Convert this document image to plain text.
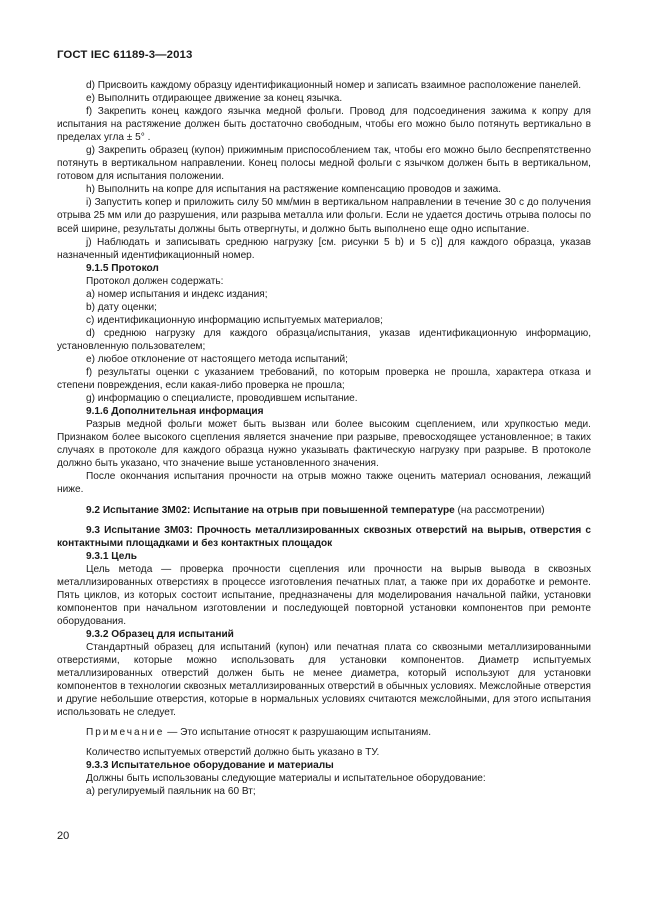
ГОСТ IEC 61189-3—2013

d) Присвоить каждому образцу идентификационный номер и записать взаимное расположение панелей.

e) Выполнить отдирающее движение за конец язычка.

f) Закрепить конец каждого язычка медной фольги. Провод для подсоединения зажима к копру для испытания на растяжение должен быть достаточно свободным, чтобы его можно было потянуть вертикально в пределах угла ± 5° .

g) Закрепить образец (купон) прижимным приспособлением так, чтобы его можно было беспрепятственно потянуть в вертикальном направлении. Конец полосы медной фольги с язычком должен быть в вертикальном, готовом для испытания положении.

h) Выполнить на копре для испытания на растяжение компенсацию проводов и зажима.

i) Запустить копер и приложить силу 50 мм/мин в вертикальном направлении в течение 30 с до получения отрыва 25 мм или до разрушения, или разрыва металла или фольги. Если не удается достичь отрыва полосы по всей ширине, результаты должны быть отвергнуты, и должно быть выполнено еще одно испытание.

j) Наблюдать и записывать среднюю нагрузку [см. рисунки 5 b) и 5 c)] для каждого образца, указав назначенный идентификационный номер.

9.1.5 Протокол

Протокол должен содержать:

a) номер испытания и индекс издания;

b) дату оценки;

c) идентификационную информацию испытуемых материалов;

d) среднюю нагрузку для каждого образца/испытания, указав идентификационную информацию, установленную пользователем;

e) любое отклонение от настоящего метода испытаний;

f) результаты оценки с указанием требований, по которым проверка не прошла, характера отказа и степени повреждения, если какая-либо проверка не прошла;

g) информацию о специалисте, проводившем испытание.

9.1.6 Дополнительная информация

Разрыв медной фольги может быть вызван или более высоким сцеплением, или хрупкостью меди. Признаком более высокого сцепления является значение при разрыве, превосходящее установленное; в таких случаях в протоколе для каждого образца нужно указывать фактическую нагрузку при разрыве. В протоколе должно быть указано, что значение выше установленного значения.

После окончания испытания прочности на отрыв можно также оценить материал основания, лежащий ниже.

9.2 Испытание 3М02: Испытание на отрыв при повышенной температуре (на рассмотрении)

9.3 Испытание 3М03: Прочность металлизированных сквозных отверстий на вырыв, отверстия с контактными площадками и без контактных площадок

9.3.1 Цель

Цель метода — проверка прочности сцепления или прочности на вырыв вывода в сквозных металлизированных отверстиях в процессе изготовления печатных плат, а также при их доработке и ремонте. Пять циклов, из которых состоит испытание, предназначены для моделирования начальной пайки, установки компонентов при начальном изготовлении и последующей повторной установки компонентов при ремонте оборудования.

9.3.2 Образец для испытаний

Стандартный образец для испытаний (купон) или печатная плата со сквозными металлизированными отверстиями, которые можно использовать для установки компонентов. Диаметр испытуемых металлизированных отверстий должен быть не менее диаметра, который используют для установки компонентов в технологии сквозных металлизированных отверстий в обычных условиях. Межслойные отверстия и другие небольшие отверстия, которые в нормальных условиях считаются межслойными, для этого испытания использовать не следует.

Примечание — Это испытание относят к разрушающим испытаниям.

Количество испытуемых отверстий должно быть указано в ТУ.

9.3.3 Испытательное оборудование и материалы

Должны быть использованы следующие материалы и испытательное оборудование:

a) регулируемый паяльник на 60 Вт;

20
